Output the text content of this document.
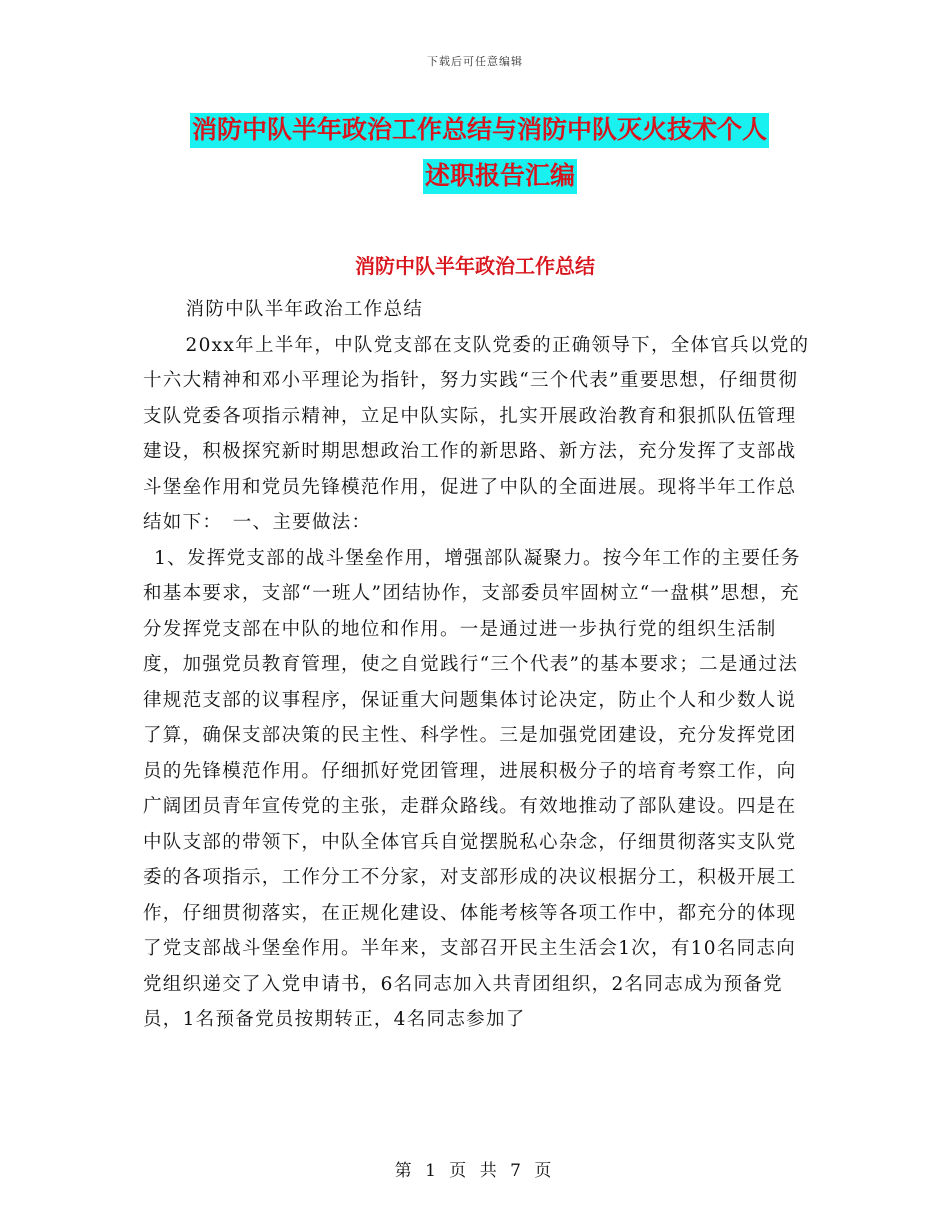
下载后可任意编辑
消防中队半年政治工作总结与消防中队灭火技术个人
述职报告汇编
消防中队半年政治工作总结

消防中队半年政治工作总结

20xx年上半年，中队党支部在支队党委的正确领导下，全体官兵以党的十六大精神和邓小平理论为指针，努力实践“三个代表”重要思想，仔细贯彻支队党委各项指示精神，立足中队实际，扎实开展政治教育和狠抓队伍管理建设，积极探究新时期思想政治工作的新思路、新方法，充分发挥了支部战斗堡垒作用和党员先锋模范作用，促进了中队的全面进展。现将半年工作总结如下：　一、主要做法：

1、发挥党支部的战斗堡垒作用，增强部队凝聚力。按今年工作的主要任务和基本要求，支部“一班人”团结协作，支部委员牢固树立“一盘棋”思想，充分发挥党支部在中队的地位和作用。一是通过进一步执行党的组织生活制度，加强党员教育管理，使之自觉践行“三个代表”的基本要求；二是通过法律规范支部的议事程序，保证重大问题集体讨论决定，防止个人和少数人说了算，确保支部决策的民主性、科学性。三是加强党团建设，充分发挥党团员的先锋模范作用。仔细抓好党团管理，进展积极分子的培育考察工作，向广阔团员青年宣传党的主张，走群众路线。有效地推动了部队建设。四是在中队支部的带领下，中队全体官兵自觉摆脱私心杂念，仔细贯彻落实支队党委的各项指示，工作分工不分家，对支部形成的决议根据分工，积极开展工作，仔细贯彻落实，在正规化建设、体能考核等各项工作中，都充分的体现了党支部战斗堡垒作用。半年来，支部召开民主生活会1次，有10名同志向党组织递交了入党申请书，6名同志加入共青团组织，2名同志成为预备党员，1名预备党员按期转正，4名同志参加了

第 1 页 共 7 页
